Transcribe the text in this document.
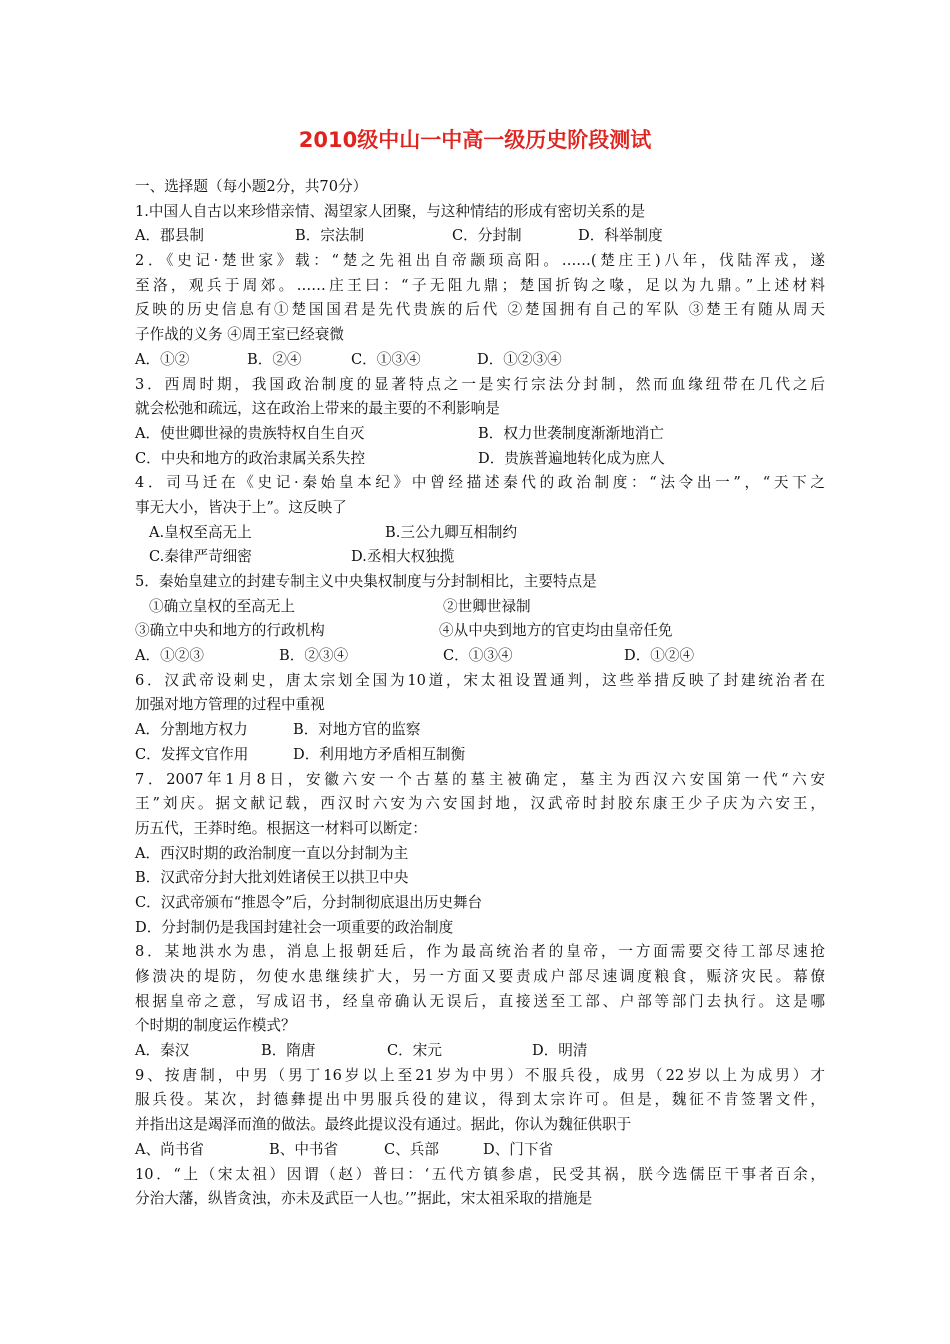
2010级中山一中高一级历史阶段测试
一、选择题（每小题2分，共70分）
1.中国人自古以来珍惜亲情、渴望家人团聚，与这种情结的形成有密切关系的是
A．郡县制	B．宗法制	C．分封制	D．科举制度
2．《史记·楚世家》载：“楚之先祖出自帝颛顼高阳。……(楚庄王)八年，伐陆浑戎，遂
至洛，观兵于周郊。……庄王曰：“子无阻九鼎；楚国折钩之喙，足以为九鼎。”上述材料
反映的历史信息有①楚国国君是先代贵族的后代 ②楚国拥有自己的军队 ③楚王有随从周天
子作战的义务 ④周王室已经衰微
A．①②	B．②④	C．①③④	D．①②③④
3．西周时期，我国政治制度的显著特点之一是实行宗法分封制，然而血缘纽带在几代之后
就会松弛和疏远，这在政治上带来的最主要的不利影响是
A．使世卿世禄的贵族特权自生自灭	B．权力世袭制度渐渐地消亡
C．中央和地方的政治隶属关系失控	D．贵族普遍地转化成为庶人
4．司马迁在《史记·秦始皇本纪》中曾经描述秦代的政治制度：“法令出一”，“天下之
事无大小，皆决于上”。这反映了
A.皇权至高无上	B.三公九卿互相制约
C.秦律严苛细密	D.丞相大权独揽
5．秦始皇建立的封建专制主义中央集权制度与分封制相比，主要特点是
①确立皇权的至高无上	②世卿世禄制
③确立中央和地方的行政机构	④从中央到地方的官吏均由皇帝任免
A．①②③	B．②③④	C．①③④	D．①②④
6．汉武帝设刺史，唐太宗划全国为10道，宋太祖设置通判，这些举措反映了封建统治者在
加强对地方管理的过程中重视
A．分割地方权力	B．对地方官的监察
C．发挥文官作用	D．利用地方矛盾相互制衡
7．2007年1月8日，安徽六安一个古墓的墓主被确定，墓主为西汉六安国第一代“六安
王”刘庆。据文献记载，西汉时六安为六安国封地，汉武帝时封胶东康王少子庆为六安王，
历五代，王莽时绝。根据这一材料可以断定：
A．西汉时期的政治制度一直以分封制为主
B．汉武帝分封大批刘姓诸侯王以拱卫中央
C．汉武帝颁布“推恩令”后，分封制彻底退出历史舞台
D．分封制仍是我国封建社会一项重要的政治制度
8．某地洪水为患，消息上报朝廷后，作为最高统治者的皇帝，一方面需要交待工部尽速抢
修溃决的堤防，勿使水患继续扩大，另一方面又要责成户部尽速调度粮食，赈济灾民。幕僚
根据皇帝之意，写成诏书，经皇帝确认无误后，直接送至工部、户部等部门去执行。这是哪
个时期的制度运作模式？
A．秦汉	B．隋唐	C．宋元	D．明清
9、按唐制，中男（男丁16岁以上至21岁为中男）不服兵役，成男（22岁以上为成男）才
服兵役。某次，封德彝提出中男服兵役的建议，得到太宗许可。但是，魏征不肯签署文件，
并指出这是竭泽而渔的做法。最终此提议没有通过。据此，你认为魏征供职于
A、尚书省	B、中书省	C、兵部	D、门下省
10．“上（宋太祖）因谓（赵）普曰：‘五代方镇参虐，民受其祸，朕今选儒臣干事者百余，
分治大藩，纵皆贪浊，亦未及武臣一人也。’”据此，宋太祖采取的措施是
